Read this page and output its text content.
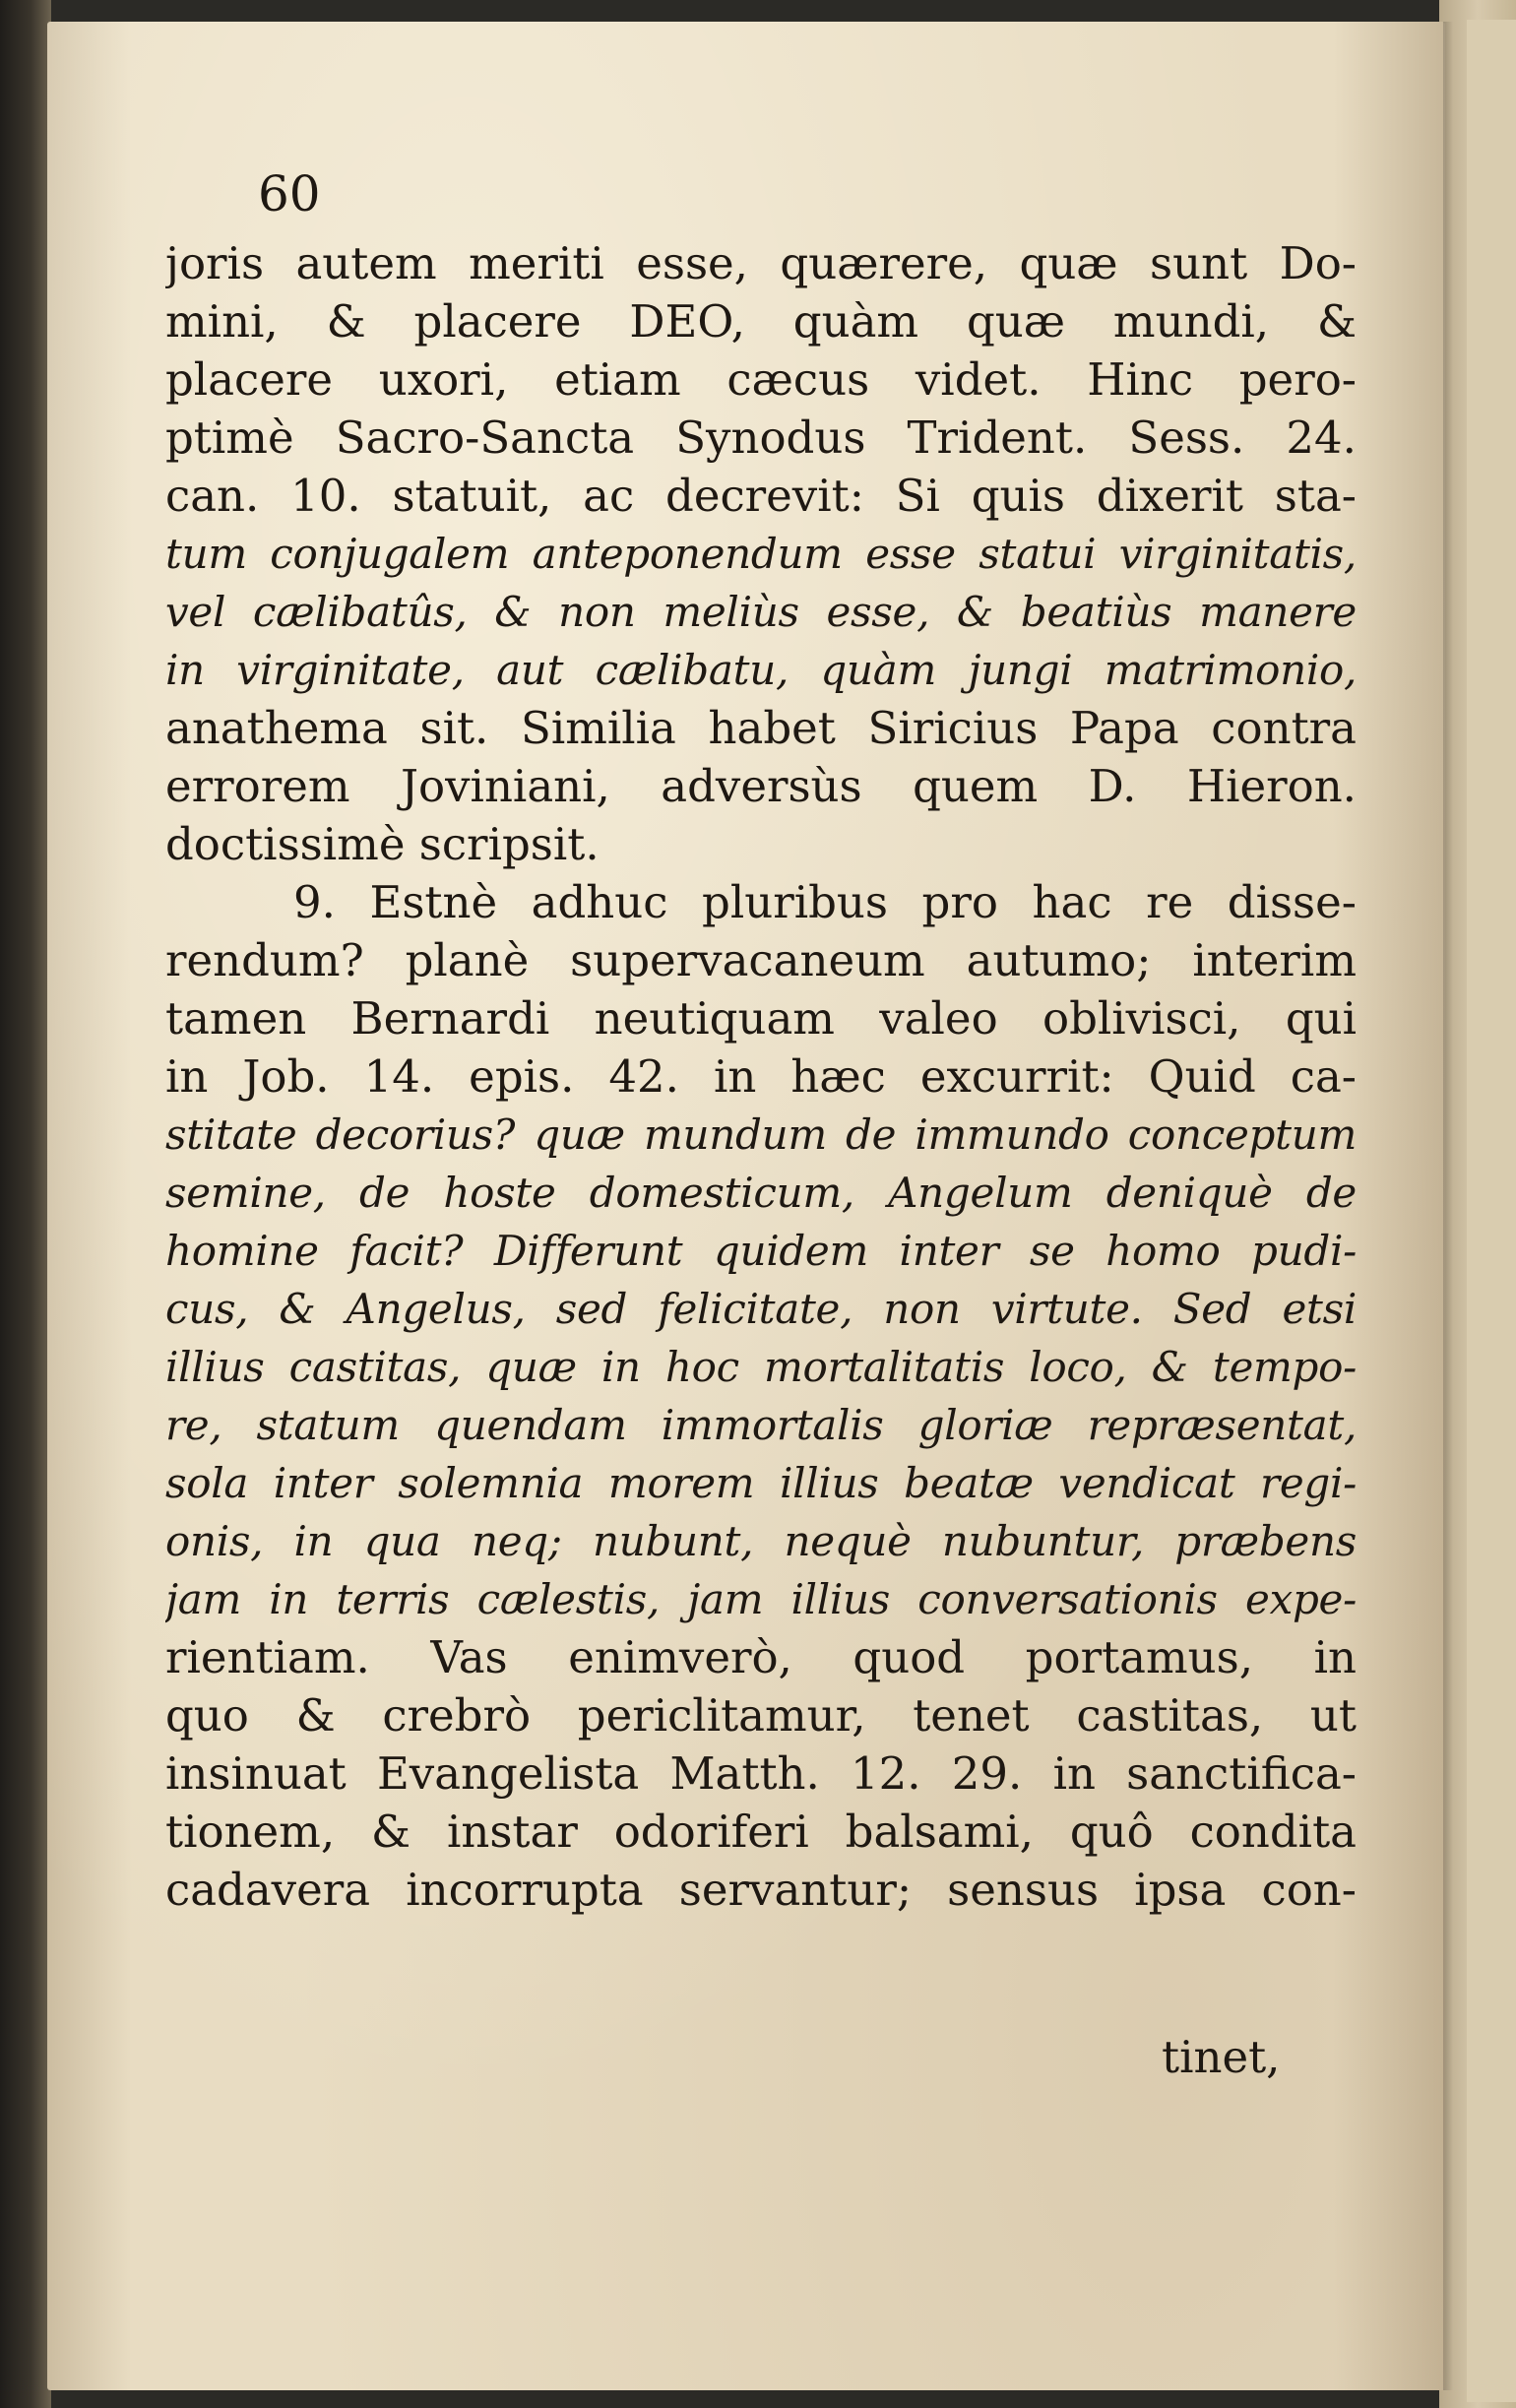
60
joris autem meriti esse, quærere, quæ sunt Do-
mini, & placere DEO, quàm quæ mundi, &
placere uxori, etiam cæcus videt. Hinc pero-
ptimè Sacro-Sancta Synodus Trident. Sess. 24.
can. 10. statuit, ac decrevit: Si quis dixerit sta-
tum conjugalem anteponendum esse statui virginitatis,
vel cælibatûs, & non meliùs esse, & beatiùs manere
in virginitate, aut cælibatu, quàm jungi matrimonio,
anathema sit. Similia habet Siricius Papa contra
errorem Joviniani, adversùs quem D. Hieron.
doctissimè scripsit.
9. Estnè adhuc pluribus pro hac re disse-
rendum? planè supervacaneum autumo; interim
tamen Bernardi neutiquam valeo oblivisci, qui
in Job. 14. epis. 42. in hæc excurrit: Quid ca-
stitate decorius? quæ mundum de immundo conceptum
semine, de hoste domesticum, Angelum deniquè de
homine facit? Differunt quidem inter se homo pudi-
cus, & Angelus, sed felicitate, non virtute. Sed etsi
illius castitas, quæ in hoc mortalitatis loco, & tempo-
re, statum quendam immortalis gloriæ repræsentat,
sola inter solemnia morem illius beatæ vendicat regi-
onis, in qua neq; nubunt, nequè nubuntur, præbens
jam in terris cælestis, jam illius conversationis expe-
rientiam. Vas enimverò, quod portamus, in
quo & crebrò periclitamur, tenet castitas, ut
insinuat Evangelista Matth. 12. 29. in sanctifica-
tionem, & instar odoriferi balsami, quô condita
cadavera incorrupta servantur; sensus ipsa con-
tinet,
